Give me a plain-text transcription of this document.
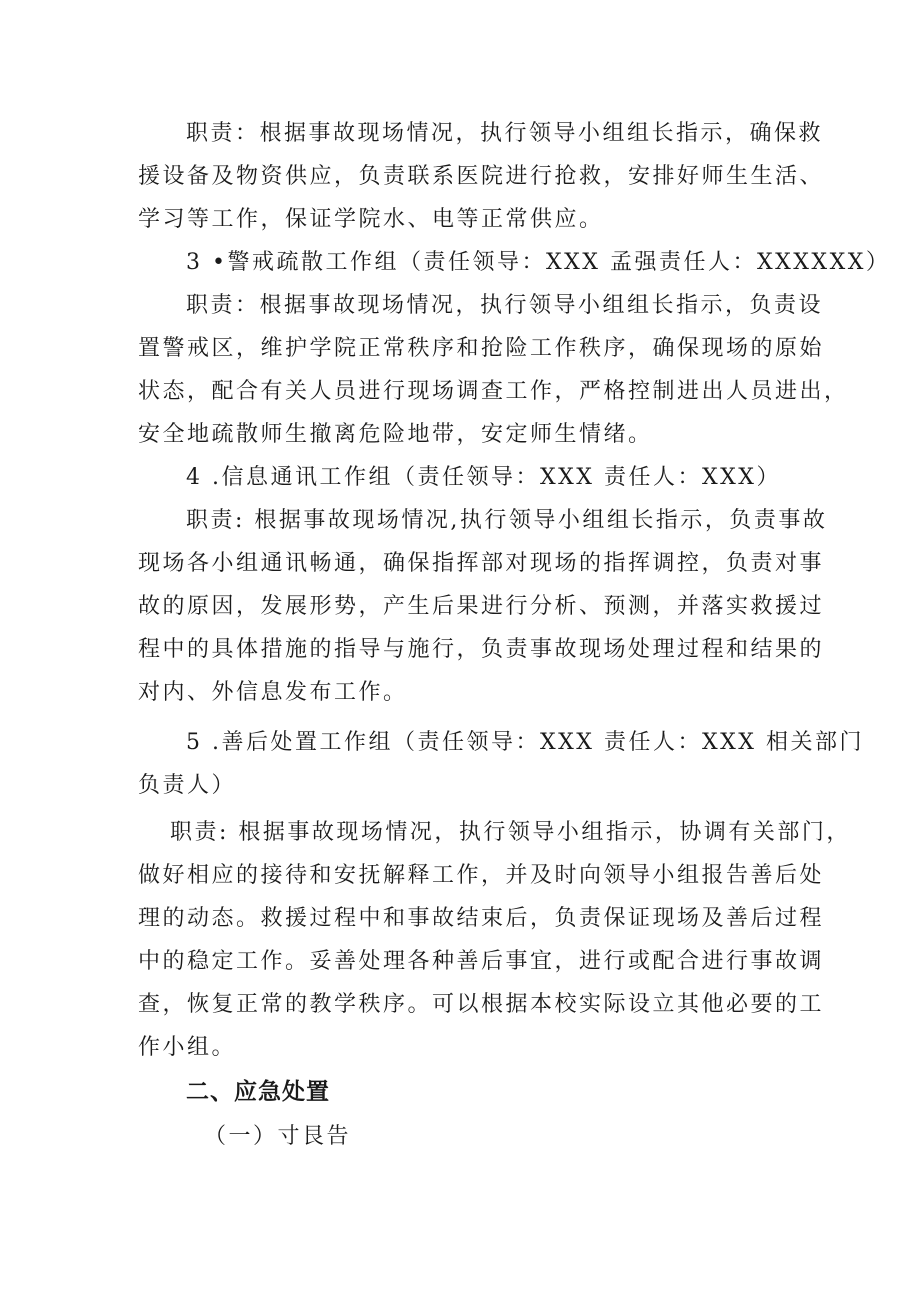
职责：根据事故现场情况，执行领导小组组长指示，确保救
援设备及物资供应，负责联系医院进行抢救，安排好师生生活、
学习等工作，保证学院水、电等正常供应。
3 •警戒疏散工作组（责任领导：XXX 孟强责任人：XXXXXX）
职责：根据事故现场情况，执行领导小组组长指示，负责设
置警戒区，维护学院正常秩序和抢险工作秩序，确保现场的原始
状态，配合有关人员进行现场调查工作，严格控制进出人员进出，
安全地疏散师生撤离危险地带，安定师生情绪。
4 .信息通讯工作组（责任领导：XXX 责任人：XXX）
职责: 根据事故现场情况,执行领导小组组长指示，负责事故
现场各小组通讯畅通，确保指挥部对现场的指挥调控，负责对事
故的原因，发展形势，产生后果进行分析、预测，并落实救援过
程中的具体措施的指导与施行，负责事故现场处理过程和结果的
对内、外信息发布工作。
5 .善后处置工作组（责任领导：XXX 责任人：XXX 相关部门
负责人）
职责: 根据事故现场情况，执行领导小组指示，协调有关部门，
做好相应的接待和安抚解释工作，并及时向领导小组报告善后处
理的动态。救援过程中和事故结束后，负责保证现场及善后过程
中的稳定工作。妥善处理各种善后事宜，进行或配合进行事故调
查，恢复正常的教学秩序。可以根据本校实际设立其他必要的工
作小组。
二、应急处置
（一）寸艮告
